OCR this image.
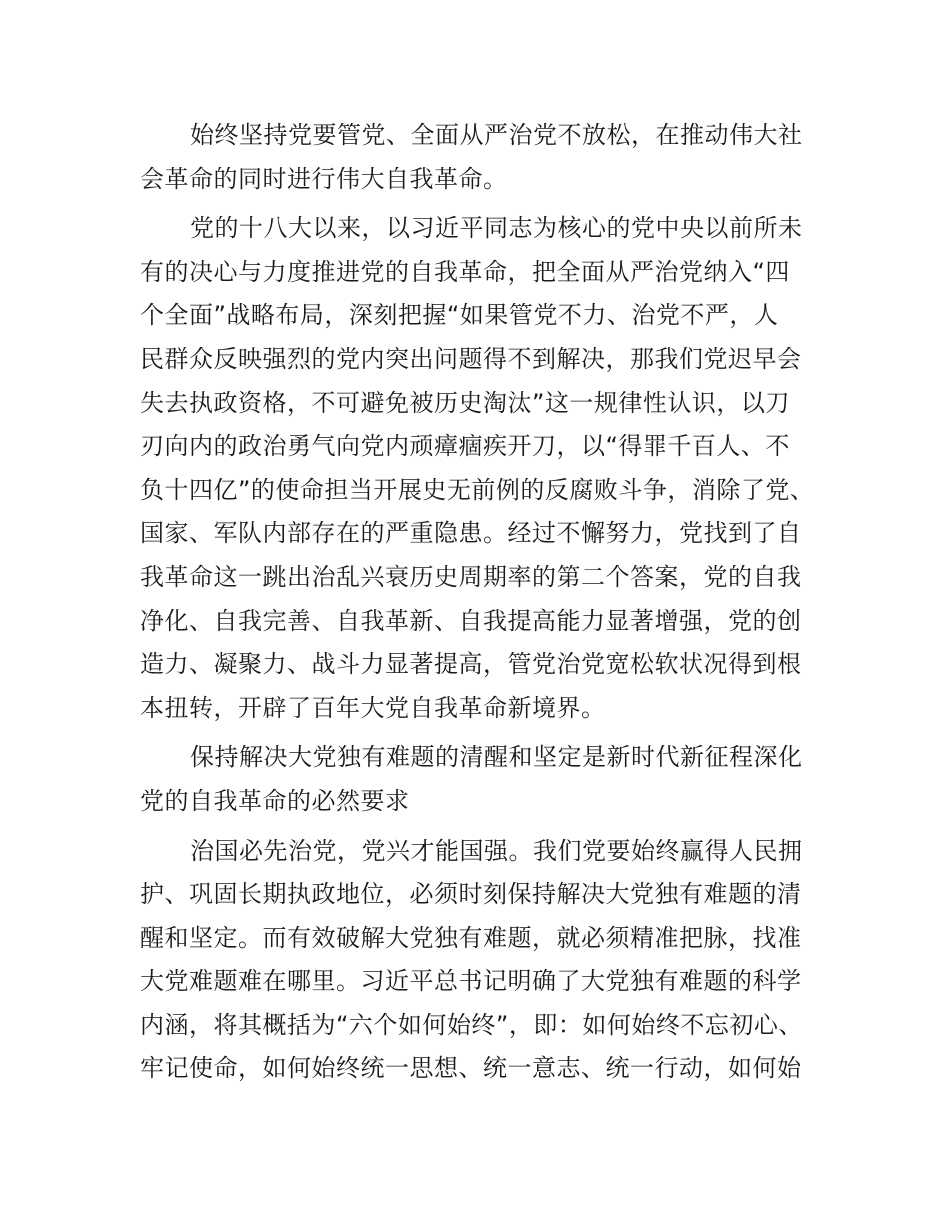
始终坚持党要管党、全面从严治党不放松，在推动伟大社
会革命的同时进行伟大自我革命。
党的十八大以来，以习近平同志为核心的党中央以前所未
有的决心与力度推进党的自我革命，把全面从严治党纳入“四
个全面”战略布局，深刻把握“如果管党不力、治党不严，人
民群众反映强烈的党内突出问题得不到解决，那我们党迟早会
失去执政资格，不可避免被历史淘汰”这一规律性认识，以刀
刃向内的政治勇气向党内顽瘴痼疾开刀，以“得罪千百人、不
负十四亿”的使命担当开展史无前例的反腐败斗争，消除了党、
国家、军队内部存在的严重隐患。经过不懈努力，党找到了自
我革命这一跳出治乱兴衰历史周期率的第二个答案，党的自我
净化、自我完善、自我革新、自我提高能力显著增强，党的创
造力、凝聚力、战斗力显著提高，管党治党宽松软状况得到根
本扭转，开辟了百年大党自我革命新境界。
保持解决大党独有难题的清醒和坚定是新时代新征程深化
党的自我革命的必然要求
治国必先治党，党兴才能国强。我们党要始终赢得人民拥
护、巩固长期执政地位，必须时刻保持解决大党独有难题的清
醒和坚定。而有效破解大党独有难题，就必须精准把脉，找准
大党难题难在哪里。习近平总书记明确了大党独有难题的科学
内涵，将其概括为“六个如何始终”，即：如何始终不忘初心、
牢记使命，如何始终统一思想、统一意志、统一行动，如何始
